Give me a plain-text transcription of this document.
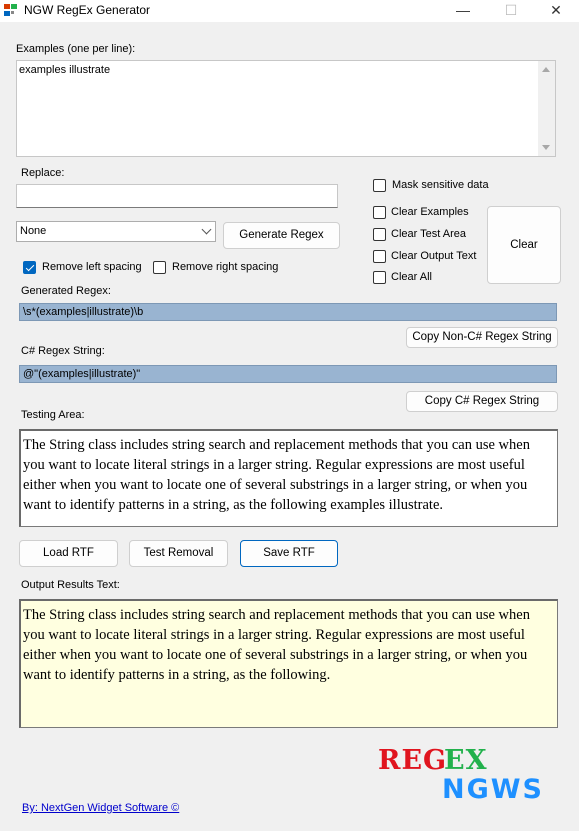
NGW RegEx Generator	—	☐	✕
Examples (one per line):
examples illustrate
Replace:
None	Generate Regex
Mask sensitive data
Clear Examples
Clear Test Area
Clear Output Text
Clear All
Clear
Remove left spacing	Remove right spacing
Generated Regex:
\s*(examples|illustrate)\b
Copy Non-C# Regex String
C# Regex String:
@"(examples|illustrate)"
Copy C# Regex String
Testing Area:
The String class includes string search and replacement methods that you can use when you want to locate literal strings in a larger string. Regular expressions are most useful either when you want to locate one of several substrings in a larger string, or when you want to identify patterns in a string, as the following examples illustrate.
Load RTF	Test Removal	Save RTF
Output Results Text:
The String class includes string search and replacement methods that you can use when you want to locate literal strings in a larger string. Regular expressions are most useful either when you want to locate one of several substrings in a larger string, or when you want to identify patterns in a string, as the following.
By: NextGen Widget Software ©
REG
EX
NGWS
